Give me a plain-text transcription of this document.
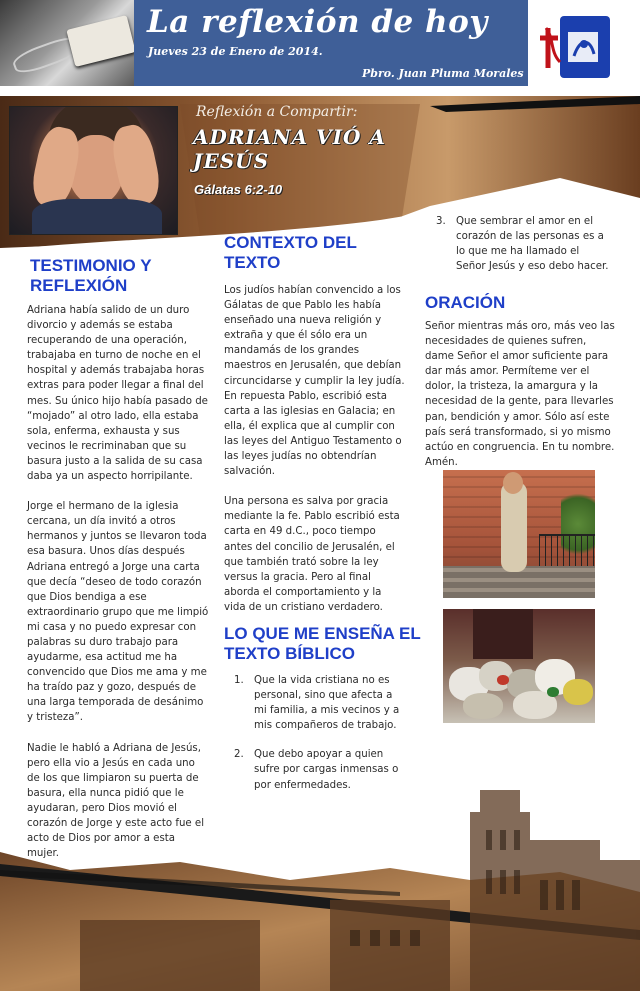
La reflexión de hoy
Jueves 23 de Enero de 2014.
Pbro. Juan Pluma Morales
Reflexión a Compartir:
ADRIANA VIÓ A JESÚS
Gálatas 6:2-10
TESTIMONIO Y REFLEXIÓN

Adriana había salido de un duro divorcio y además se estaba recuperando de una operación, trabajaba en turno de noche en el hospital y además trabajaba horas extras para poder llegar a final del mes. Su único hijo había pasado de “mojado” al otro lado, ella estaba sola, enferma, exhausta y sus vecinos le recriminaban que su basura justo a la salida de su casa daba ya un aspecto horripilante.

Jorge el hermano de la iglesia cercana, un día invitó a otros hermanos y juntos se llevaron toda esa basura. Unos días después Adriana entregó a Jorge una carta que decía “deseo de todo corazón que Dios bendiga a ese extraordinario grupo que me limpió mi casa y no puedo expresar con palabras su duro trabajo para ayudarme, esa actitud me ha convencido que Dios me ama y me ha traído paz y gozo, después de una larga temporada de desánimo y tristeza”.

Nadie le habló a Adriana de Jesús, pero ella vio a Jesús en cada uno de los que limpiaron su puerta de basura, ella nunca pidió que le ayudaran, pero Dios movió el corazón de Jorge y este acto fue el acto de Dios por amor a esta mujer.

CONTEXTO DEL TEXTO

Los judíos habían convencido a los Gálatas de que Pablo les había enseñado una nueva religión y extraña y que él sólo era un mandamás de los grandes maestros en Jerusalén, que debían circuncidarse y cumplir la ley judía. En repuesta Pablo, escribió esta carta a las iglesias en Galacia; en ella, él explica que al cumplir con las leyes del Antiguo Testamento o las leyes judías no obtendrían salvación.

Una persona es salva por gracia mediante la fe. Pablo escribió esta carta en 49 d.C., poco tiempo antes del concilio de Jerusalén, el que también trató sobre la ley versus la gracia. Pero al final aborda el comportamiento y la vida de un cristiano verdadero.

LO QUE ME ENSEÑA EL TEXTO BÍBLICO
1.	Que la vida cristiana no es personal, sino que afecta a mi familia, a mis vecinos y a mis compañeros de trabajo.
2.	Que debo apoyar a quien sufre por cargas inmensas o por enfermedades.
3.	Que sembrar el amor en el corazón de las personas es a lo que me ha llamado el Señor Jesús y eso debo hacer.
ORACIÓN
Señor mientras más oro, más veo las necesidades de quienes sufren, dame Señor el amor suficiente para dar más amor. Permíteme ver el dolor, la tristeza, la amargura y la necesidad de la gente, para llevarles pan, bendición y amor. Sólo así este país será transformado, si yo mismo actúo en congruencia. En tu nombre. Amén.
